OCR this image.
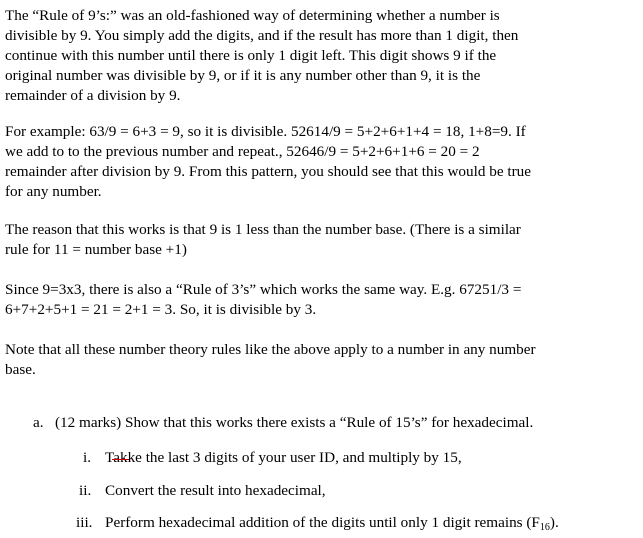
The “Rule of 9’s:” was an old-fashioned way of determining whether a number is
divisible by 9. You simply add the digits, and if the result has more than 1 digit, then
continue with this number until there is only 1 digit left. This digit shows 9 if the
original number was divisible by 9, or if it is any number other than 9, it is the
remainder of a division by 9.
For example: 63/9 = 6+3 = 9, so it is divisible. 52614/9 = 5+2+6+1+4 = 18, 1+8=9. If
we add to to the previous number and repeat., 52646/9 = 5+2+6+1+6 = 20 = 2
remainder after division by 9. From this pattern, you should see that this would be true
for any number.
The reason that this works is that 9 is 1 less than the number base. (There is a similar
rule for 11 = number base +1)
Since 9=3x3, there is also a “Rule of 3’s” which works the same way. E.g. 67251/3 =
6+7+2+5+1 = 21 = 2+1 = 3. So, it is divisible by 3.
Note that all these number theory rules like the above apply to a number in any number
base.
a. (12 marks) Show that this works there exists a “Rule of 15’s” for hexadecimal.
i. Takke the last 3 digits of your user ID, and multiply by 15,
ii. Convert the result into hexadecimal,
iii. Perform hexadecimal addition of the digits until only 1 digit remains $(F_{16})$.
